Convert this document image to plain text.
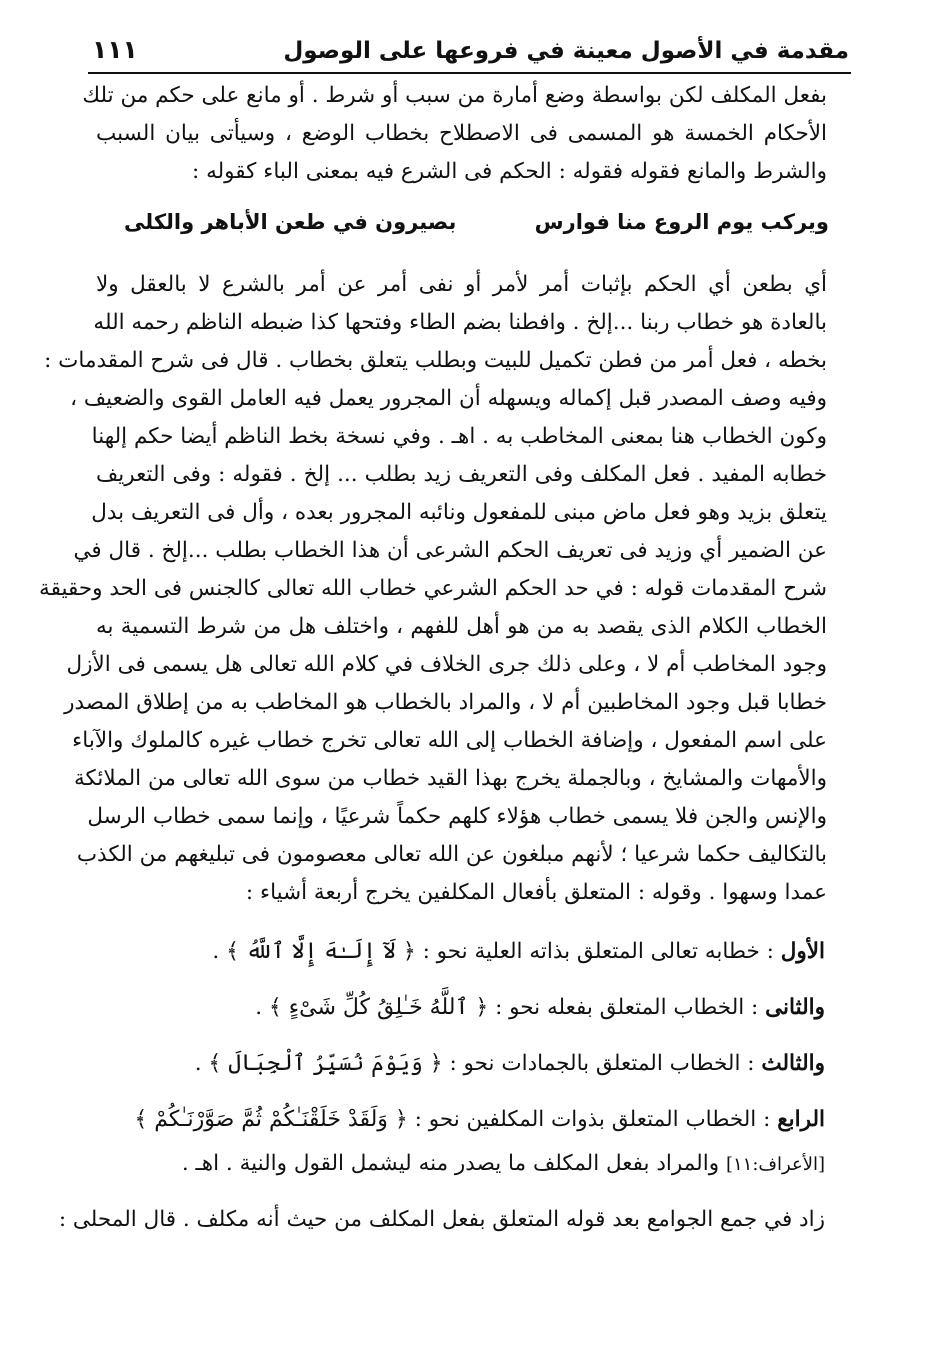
١١١	مقدمة في الأصول معينة في فروعها على الوصول
بفعل المكلف لكن بواسطة وضع أمارة من سبب أو شرط . أو مانع على حكم من تلك
الأحكام الخمسة هو المسمى فى الاصطلاح بخطاب الوضع ، وسيأتى بيان السبب
والشرط والمانع فقوله فقوله : الحكم فى الشرع فيه بمعنى الباء كقوله :
ويركب يوم الروع منا فوارس
بصيرون في طعن الأباهر والكلى
أي بطعن أي الحكم بإثبات أمر لأمر أو نفى أمر عن أمر بالشرع لا بالعقل ولا
بالعادة هو خطاب ربنا ...إلخ . وافطنا بضم الطاء وفتحها كذا ضبطه الناظم رحمه الله
بخطه ، فعل أمر من فطن تكميل للبيت وبطلب يتعلق بخطاب . قال فى شرح المقدمات :
وفيه وصف المصدر قبل إكماله ويسهله أن المجرور يعمل فيه العامل القوى والضعيف ،
وكون الخطاب هنا بمعنى المخاطب به . اهـ . وفي نسخة بخط الناظم أيضا حكم إلهنا
خطابه المفيد . فعل المكلف وفى التعريف زيد بطلب ... إلخ . فقوله : وفى التعريف
يتعلق بزيد وهو فعل ماض مبنى للمفعول ونائبه المجرور بعده ، وأل فى التعريف بدل
عن الضمير أي وزيد فى تعريف الحكم الشرعى أن هذا الخطاب بطلب ...إلخ . قال في
شرح المقدمات قوله : في حد الحكم الشرعي خطاب الله تعالى كالجنس فى الحد وحقيقة
الخطاب الكلام الذى يقصد به من هو أهل للفهم ، واختلف هل من شرط التسمية به
وجود المخاطب أم لا ، وعلى ذلك جرى الخلاف في كلام الله تعالى هل يسمى فى الأزل
خطابا قبل وجود المخاطبين أم لا ، والمراد بالخطاب هو المخاطب به من إطلاق المصدر
على اسم المفعول ، وإضافة الخطاب إلى الله تعالى تخرج خطاب غيره كالملوك والآباء
والأمهات والمشايخ ، وبالجملة يخرج بهذا القيد خطاب من سوى الله تعالى من الملائكة
والإنس والجن فلا يسمى خطاب هؤلاء كلهم حكماً شرعيًا ، وإنما سمى خطاب الرسل
بالتكاليف حكما شرعيا ؛ لأنهم مبلغون عن الله تعالى معصومون فى تبليغهم من الكذب
عمدا وسهوا . وقوله : المتعلق بأفعال المكلفين يخرج أربعة أشياء :
الأول : خطابه تعالى المتعلق بذاته العلية نحو : ﴿ لَآ إِلَـٰهَ إِلَّا ٱللَّهُ ﴾ .
والثانى : الخطاب المتعلق بفعله نحو : ﴿ ٱللَّهُ خَـٰلِقُ كُلِّ شَىْءٍ ﴾ .
والثالث : الخطاب المتعلق بالجمادات نحو : ﴿ وَيَوْمَ نُسَيِّرُ ٱلْجِبَالَ ﴾ .
الرابع : الخطاب المتعلق بذوات المكلفين نحو : ﴿ وَلَقَدْ خَلَقْنَـٰكُمْ ثُمَّ صَوَّرْنَـٰكُمْ ﴾
[الأعراف:١١] والمراد بفعل المكلف ما يصدر منه ليشمل القول والنية . اهـ .
زاد في جمع الجوامع بعد قوله المتعلق بفعل المكلف من حيث أنه مكلف . قال المحلى :
